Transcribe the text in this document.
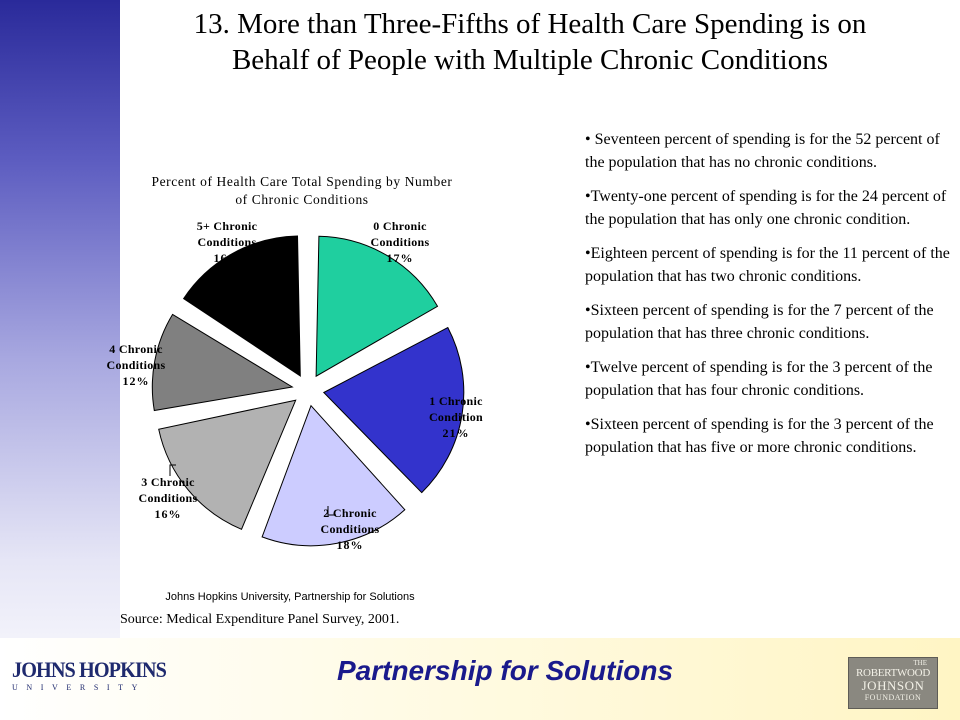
13. More than Three-Fifths of Health Care Spending is on
Behalf of People with Multiple Chronic Conditions
Percent of Health Care Total Spending by Number
of Chronic Conditions
0 Chronic
Conditions
17%
1 Chronic
Condition
21%
2 Chronic
Conditions
18%
3 Chronic
Conditions
16%
4 Chronic
Conditions
12%
5+ Chronic
Conditions
16%
Johns Hopkins University, Partnership for Solutions
Source: Medical Expenditure Panel Survey, 2001.
• Seventeen percent of spending is for the 52 percent of the population that has no chronic conditions.
•Twenty-one percent of spending is for the 24 percent of the population that has only one chronic condition.
•Eighteen percent of spending is for the 11 percent of the population that has two chronic conditions.
•Sixteen percent of spending is for the 7 percent of the population that has three chronic conditions.
•Twelve percent of spending is for the 3 percent of the population that has four chronic conditions.
•Sixteen percent of spending is for the 3 percent of the population that has five or more chronic conditions.
JOHNS HOPKINS
UNIVERSITY
Partnership for Solutions	THE
ROBERTWOOD
JOHNSON
FOUNDATION
